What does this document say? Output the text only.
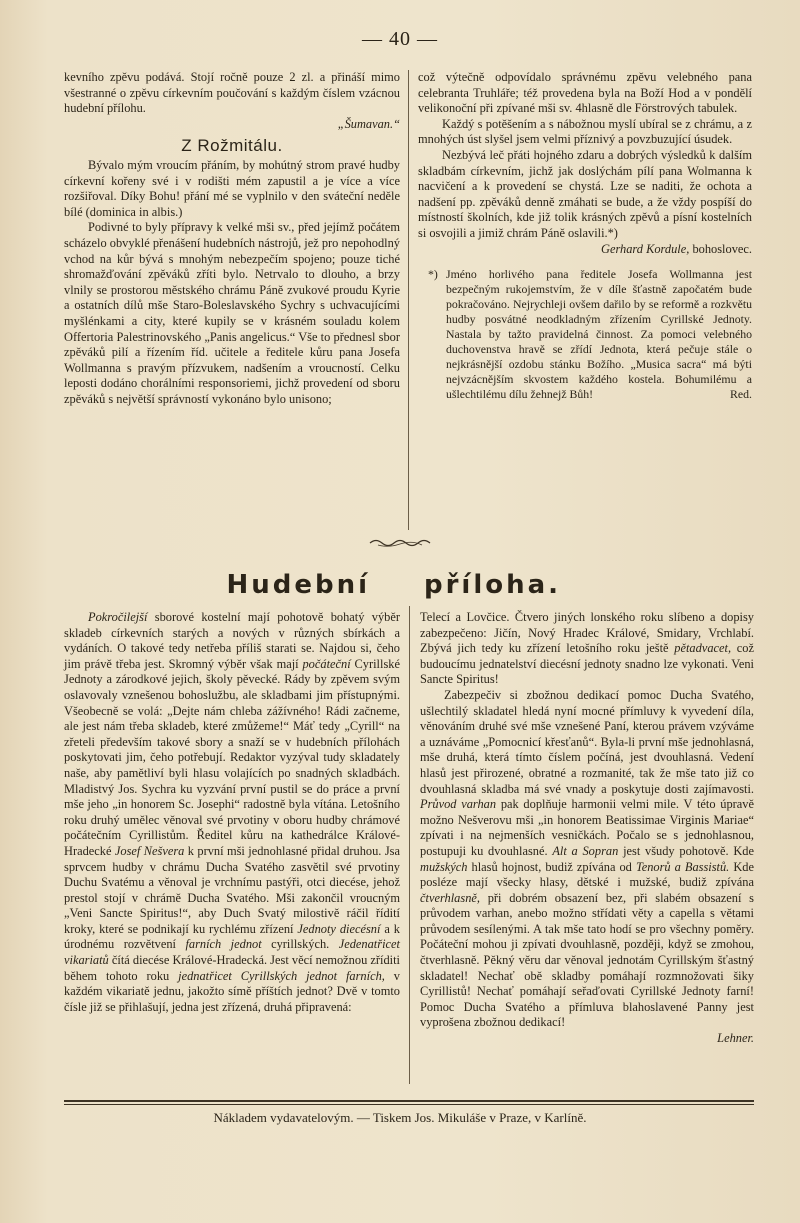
— 40 —

kevního zpěvu podává. Stojí ročně pouze 2 zl. a přináší mimo všestranné o zpěvu církevním poučování s každým číslem vzácnou hudební přílohu.

„Šumavan.“

Z Rožmitálu.

Bývalo mým vroucím přáním, by mohútný strom pravé hudby církevní kořeny své i v rodišti mém zapustil a je více a více rozšiřoval. Díky Bohu! přání mé se vyplnilo v den sváteční neděle bílé (dominica in albis.)

Podivné to byly přípravy k velké mši sv., před jejímž počátem scházelo obvyklé přenášení hudebních nástrojů, jež pro nepohodlný vchod na kůr bývá s mnohým nebezpečím spojeno; pouze tiché shromažďování zpěváků zříti bylo. Netrvalo to dlouho, a brzy vlnily se prostorou městského chrámu Páně zvukové proudu Kyrie a ostatních dílů mše Staro-Boleslavského Sychry s uchvacujícími myšlénkami a city, které kupily se v krásném souladu kolem Offertoria Palestrinovského „Panis angelicus.“ Vše to přednesl sbor zpěváků pilí a řízením říd. učitele a ředitele kůru pana Josefa Wollmanna s pravým přízvukem, nadšením a vroucností. Celku leposti dodáno chorálními responsoriemi, jichž provedení od sboru zpěváků s největší správností vykonáno bylo unisono;

což výtečně odpovídalo správnému zpěvu velebného pana celebranta Truhláře; též provedena byla na Boží Hod a v pondělí velikonoční při zpívané mši sv. 4hlasně dle Förstrových tabulek.

Každý s potěšením a s nábožnou myslí ubíral se z chrámu, a z mnohých úst slyšel jsem velmi příznivý a povzbuzující úsudek.

Nezbývá leč přáti hojného zdaru a dobrých výsledků k dalším skladbám církevním, jichž jak doslýchám pílí pana Wolmanna k nacvičení a k provedení se chystá. Lze se naditi, že ochota a nadšení pp. zpěváků denně zmáhati se bude, a že vždy pospíší do místností školních, kde již tolik krásných zpěvů a písní kostelních si osvojili a jimiž chrám Páně oslavili.*)

Gerhard Kordule, bohoslovec.

*) Jméno horlivého pana ředitele Josefa Wollmanna jest bezpečným rukojemstvím, že v díle šťastně započatém bude pokračováno. Nejrychleji ovšem dařilo by se reformě a rozkvětu hudby posvátné neodkladným zřízením Cyrillské Jednoty. Nastala by tažto pravidelná činnost. Za pomoci velebného duchovenstva hravě se zřídí Jednota, která pečuje stále o nejkrásnější ozdobu stánku Božího. „Musica sacra“ má býti nejvzácnějším skvostem každého kostela. Bohumilému a ušlechtilému dílu žehnejž Bůh!	Red.

Hudební příloha.

Pokročilejší sborové kostelní mají pohotově bohatý výběr skladeb církevních starých a nových v různých sbírkách a vydáních. O takové tedy netřeba příliš starati se. Najdou si, čeho jim právě třeba jest. Skromný výběr však mají počáteční Cyrillské Jednoty a zárodkové jejich, školy pěvecké. Rády by zpěvem svým oslavovaly vznešenou bohoslužbu, ale skladbami jim přístupnými. Všeobecně se volá: „Dejte nám chleba zážívného! Rádi začneme, ale jest nám třeba skladeb, které zmůžeme!“ Máť tedy „Cyrill“ na zřeteli především takové sbory a snaží se v hudebních přílohách poskytovati jim, čeho potřebují. Redaktor vyzýval tudy skladately naše, aby pamětliví byli hlasu volajících po snadných skladbách. Mladistvý Jos. Sychra ku vyzvání první pustil se do práce a první mše jeho „in honorem Sc. Josephi“ radostně byla vítána. Letošního roku druhý umělec věnoval své prvotiny v oboru hudby chrámové počátečním Cyrillistům. Ředitel kůru na kathedrálce Králové-Hradecké Josef Nešvera k první mši jednohlasné přidal druhou. Jsa sprvcem hudby v chrámu Ducha Svatého zasvětil své prvotiny Duchu Svatému a věnoval je vrchnímu pastýři, otci diecése, jehož prestol stojí v chrámě Ducha Svatého. Mši zakončil vroucným „Veni Sancte Spiritus!“, aby Duch Svatý milostivě ráčil řídití kroky, které se podnikají ku rychlému zřízení Jednoty diecésní a k úrodnému rozvětvení farních jednot cyrillských. Jedenatřicet vikariatů čítá diecése Králové-Hradecká. Jest věcí nemožnou zříditi během tohoto roku jednatřicet Cyrillských jednot farních, v každém vikariatě jednu, jakožto símě příštích jednot? Dvě v tomto čísle již se přihlašují, jedna jest zřízená, druhá připravená:

Telecí a Lovčice. Čtvero jiných lonského roku slíbeno a dopisy zabezpečeno: Jičín, Nový Hradec Králové, Smidary, Vrchlabí. Zbývá jich tedy ku zřízení letošního roku ještě pětadvacet, což budoucímu jednatelství diecésní jednoty snadno lze vykonati. Veni Sancte Spiritus!

Zabezpečiv si zbožnou dedikací pomoc Ducha Svatého, ušlechtilý skladatel hledá nyní mocné přímluvy k vyvedení díla, věnováním druhé své mše vznešené Paní, kterou právem vzýváme a uznáváme „Pomocnicí křesťanů“. Byla-li první mše jednohlasná, mše druhá, která tímto číslem počíná, jest dvouhlasná. Vedení hlasů jest přirozené, obratné a rozmanité, tak že mše tato již co dvouhlasná skladba má své vnady a poskytuje dosti zajímavosti. Průvod varhan pak doplňuje harmonii velmi mile. V této úpravě možno Nešverovu mši „in honorem Beatissimae Virginis Mariae“ zpívati i na nejmenších vesničkách. Počalo se s jednohlasnou, postupuji ku dvouhlasné. Alt a Sopran jest všudy pohotově. Kde mužských hlasů hojnost, budiž zpívána od Tenorů a Bassistů. Kde posléze mají všecky hlasy, dětské i mužské, budiž zpívána čtverhlasně, při dobrém obsazení bez, při slabém obsazení s průvodem varhan, anebo možno střídati věty a capella s větami průvodem sesílenými. A tak mše tato hodí se pro všechny poměry. Počáteční mohou ji zpívati dvouhlasně, později, když se zmohou, čtverhlasně. Pěkný věru dar věnoval jednotám Cyrillským šťastný skladatel! Nechať obě skladby pomáhají rozmnožovati šiky Cyrillistů! Nechať pomáhají seřaďovati Cyrillské Jednoty farní! Pomoc Ducha Svatého a přímluva blahoslavené Panny jest vyprošena zbožnou dedikací!

Lehner.

Nákladem vydavatelovým. — Tiskem Jos. Mikuláše v Praze, v Karlíně.
